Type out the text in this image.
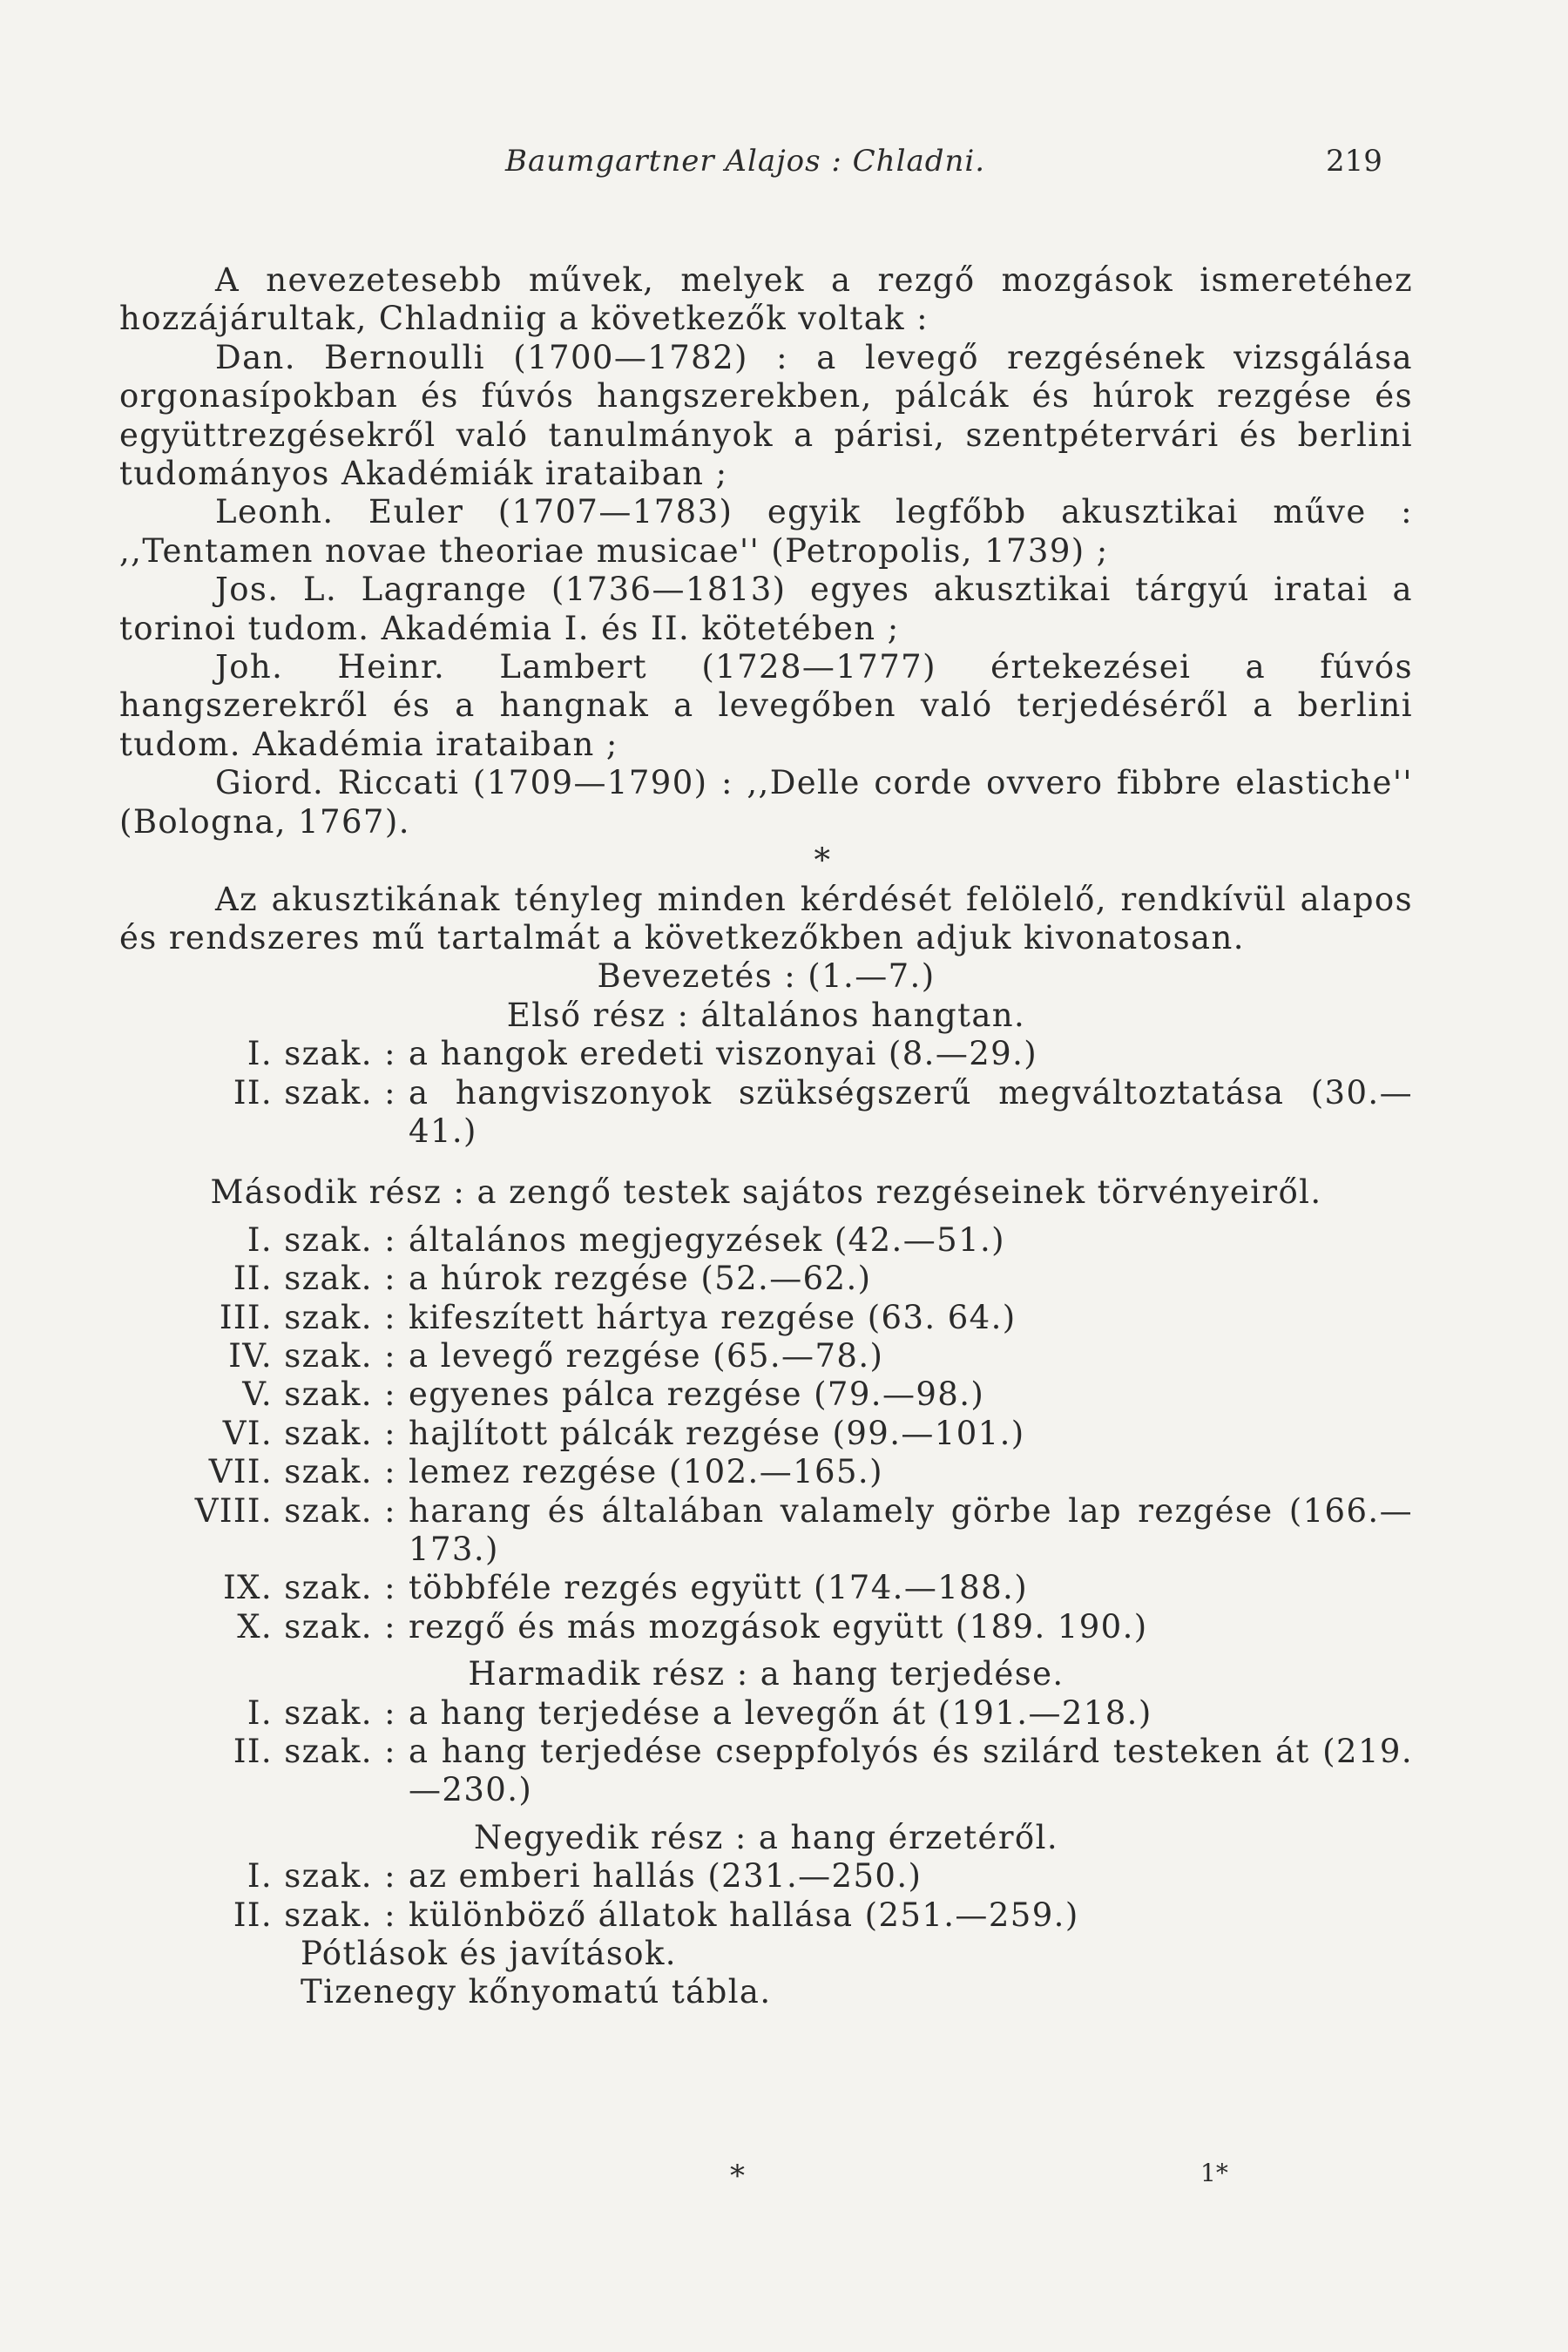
Baumgartner Alajos : Chladni.	219

A nevezetesebb művek, melyek a rezgő mozgások ismeretéhez hozzájárultak, Chladniig a következők voltak :

Dan. Bernoulli (1700—1782) : a levegő rezgésének vizsgálása orgonasípokban és fúvós hangszerekben, pálcák és húrok rezgése és együttrezgésekről való tanulmányok a párisi, szentpétervári és berlini tudományos Akadémiák irataiban ;

Leonh. Euler (1707—1783) egyik legfőbb akusztikai műve : ,,Tentamen novae theoriae musicae'' (Petropolis, 1739) ;

Jos. L. Lagrange (1736—1813) egyes akusztikai tárgyú iratai a torinoi tudom. Akadémia I. és II. kötetében ;

Joh. Heinr. Lambert (1728—1777) értekezései a fúvós hangszerekről és a hangnak a levegőben való terjedéséről a berlini tudom. Akadémia irataiban ;

Giord. Riccati (1709—1790) : ,,Delle corde ovvero fibbre elastiche'' (Bologna, 1767).

*

Az akusztikának tényleg minden kérdését felölelő, rendkívül alapos és rendszeres mű tartalmát a következőkben adjuk kivonatosan.

Bevezetés : (1.—7.)

Első rész : általános hangtan.

I. szak. : a hangok eredeti viszonyai (8.—29.)
II. szak. : a hangviszonyok szükségszerű megváltoztatása (30.—41.)

Második rész : a zengő testek sajátos rezgéseinek törvényeiről.

I. szak. : általános megjegyzések (42.—51.)
II. szak. : a húrok rezgése (52.—62.)
III. szak. : kifeszített hártya rezgése (63. 64.)
IV. szak. : a levegő rezgése (65.—78.)
V. szak. : egyenes pálca rezgése (79.—98.)
VI. szak. : hajlított pálcák rezgése (99.—101.)
VII. szak. : lemez rezgése (102.—165.)
VIII. szak. : harang és általában valamely görbe lap rezgése (166.—173.)
IX. szak. : többféle rezgés együtt (174.—188.)
X. szak. : rezgő és más mozgások együtt (189. 190.)

Harmadik rész : a hang terjedése.

I. szak. : a hang terjedése a levegőn át (191.—218.)
II. szak. : a hang terjedése cseppfolyós és szilárd testeken át (219.—230.)

Negyedik rész : a hang érzetéről.

I. szak. : az emberi hallás (231.—250.)
II. szak. : különböző állatok hallása (251.—259.)

Pótlások és javítások.

Tizenegy kőnyomatú tábla.

*	1*
